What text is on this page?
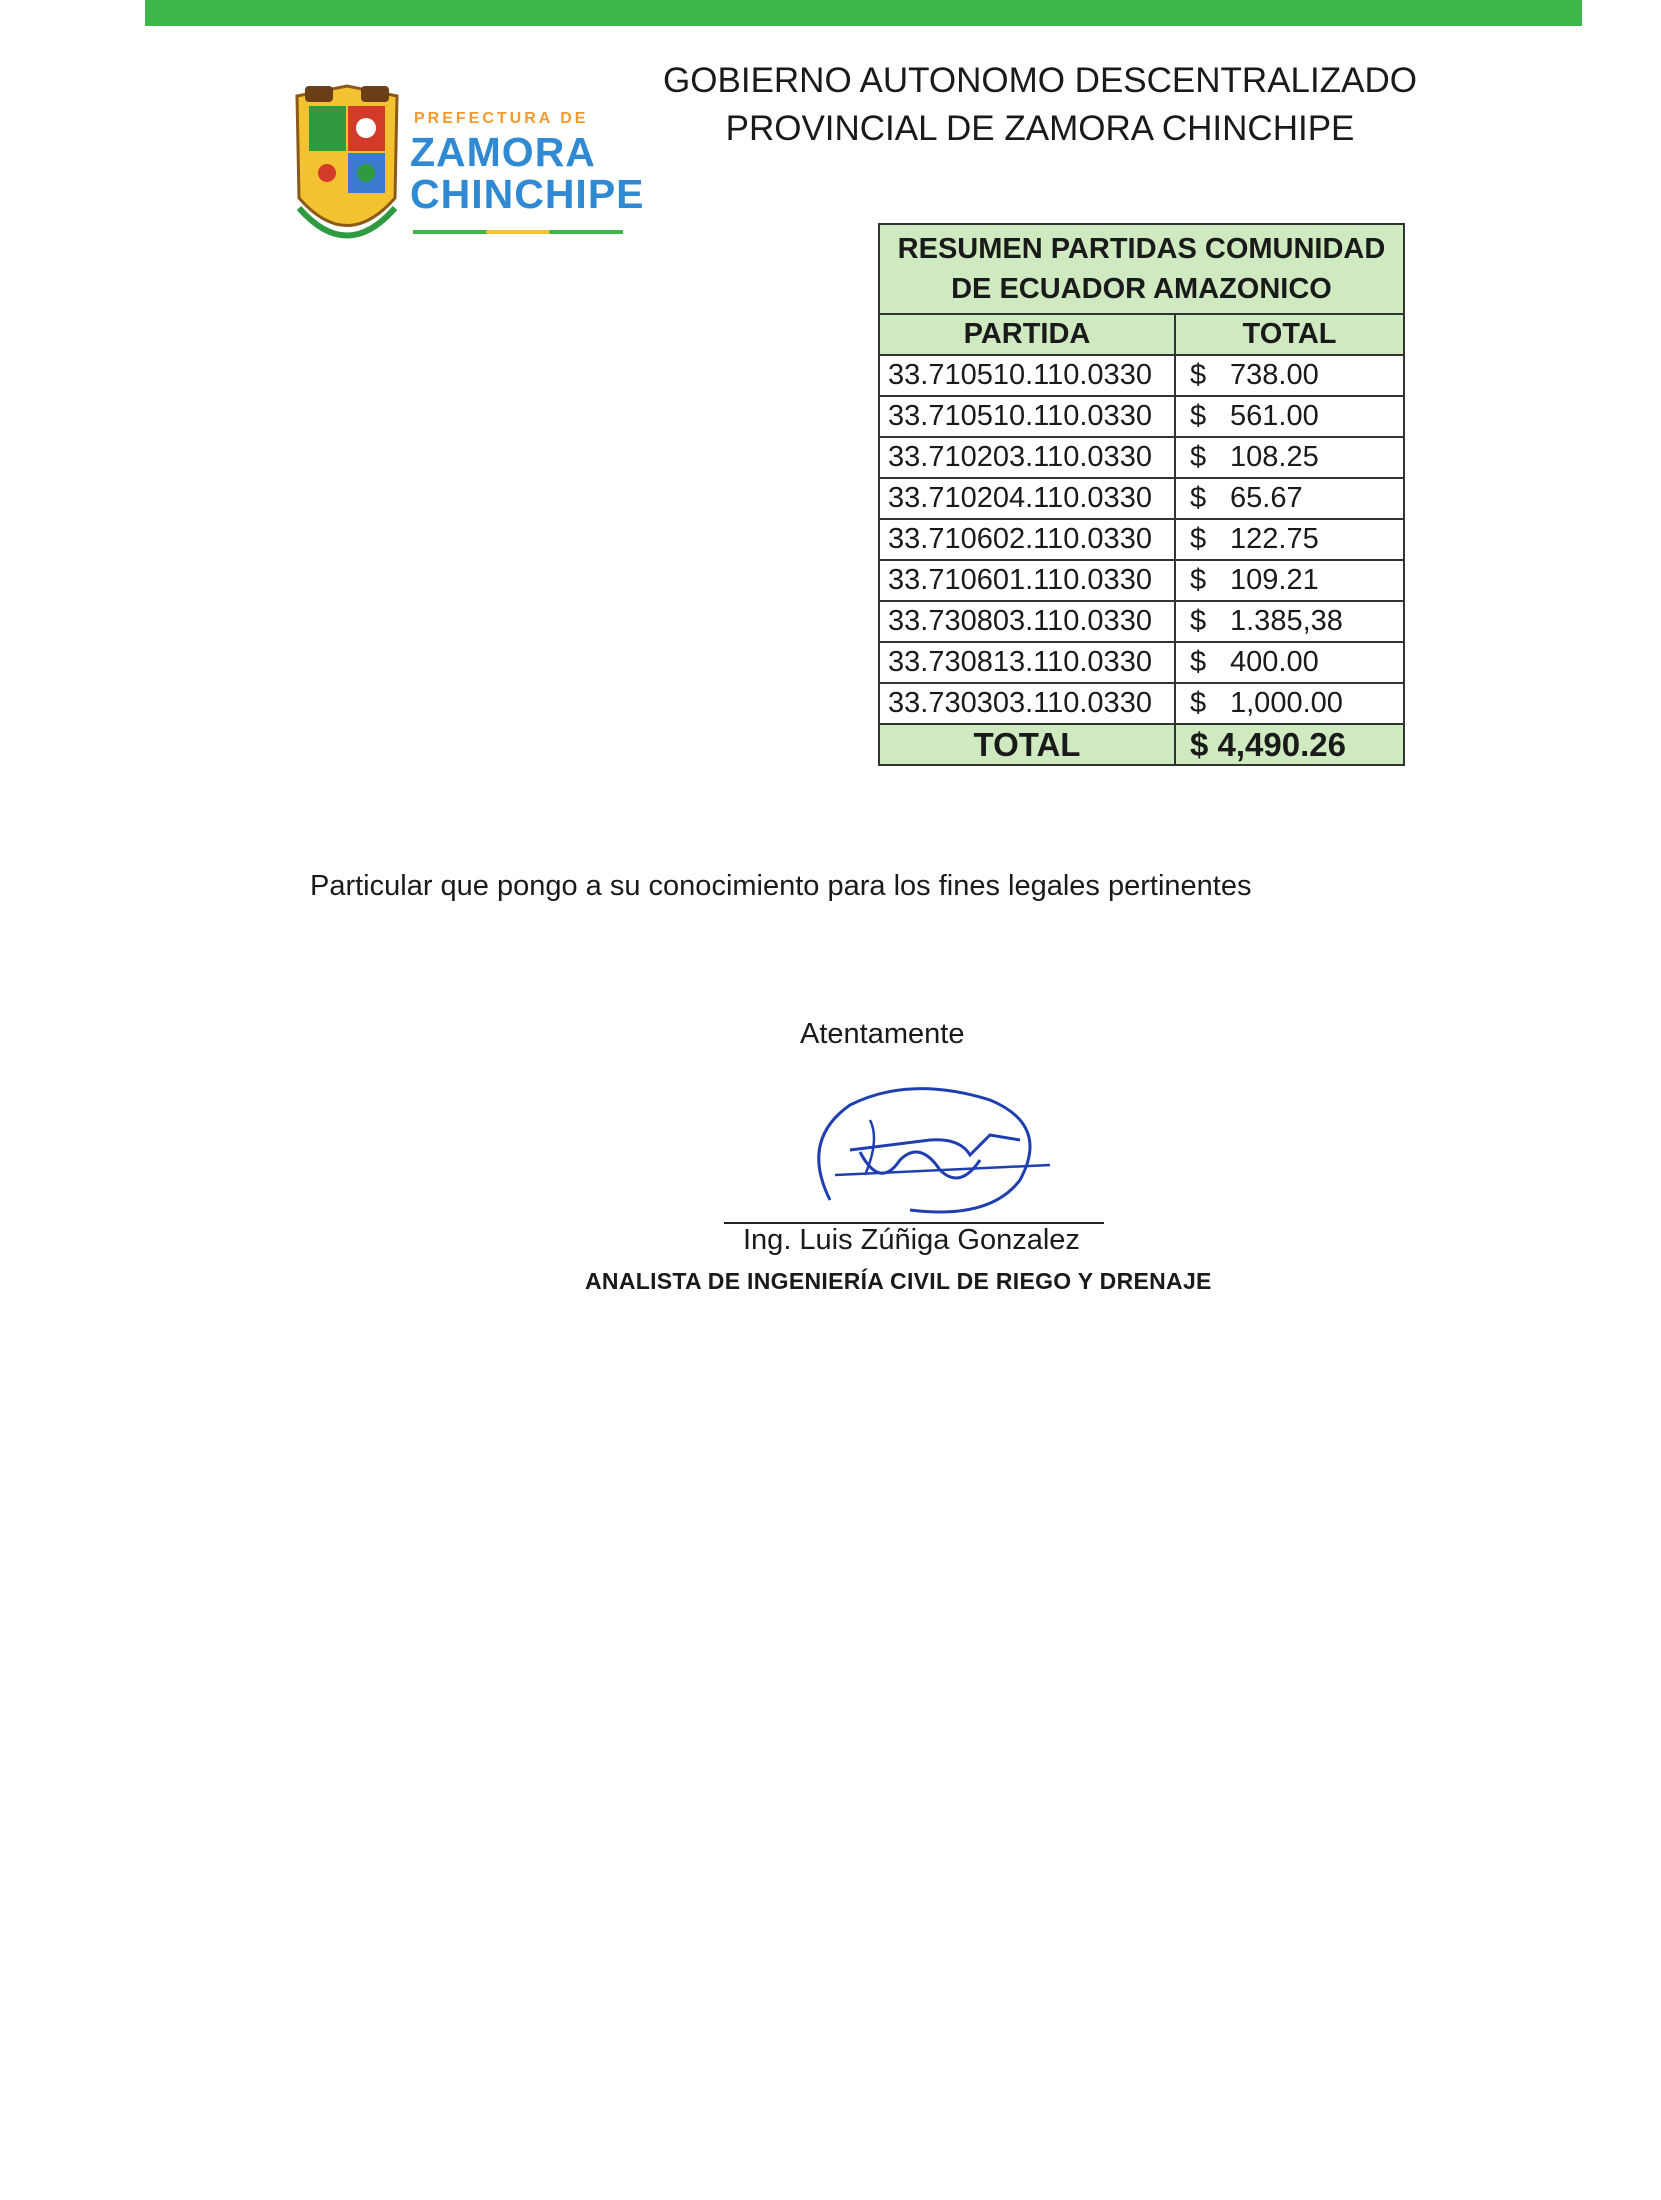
PREFECTURA DE
ZAMORA
CHINCHIPE
GOBIERNO AUTONOMO DESCENTRALIZADO
PROVINCIAL DE ZAMORA CHINCHIPE
RESUMEN PARTIDAS COMUNIDAD DE ECUADOR AMAZONICO	
PARTIDA	TOTAL
33.710510.110.0330	$ 738.00

33.710510.110.0330	$ 561.00

33.710203.110.0330	$ 108.25

33.710204.110.0330	$ 65.67

33.710602.110.0330	$ 122.75

33.710601.110.0330	$ 109.21

33.730803.110.0330	$ 1.385,38

33.730813.110.0330	$ 400.00

33.730303.110.0330	$ 1,000.00

TOTAL	$ 4,490.26
Particular que pongo a su conocimiento para los fines legales pertinentes
Atentamente
Ing. Luis Zúñiga Gonzalez
ANALISTA DE INGENIERÍA CIVIL DE RIEGO Y DRENAJE
